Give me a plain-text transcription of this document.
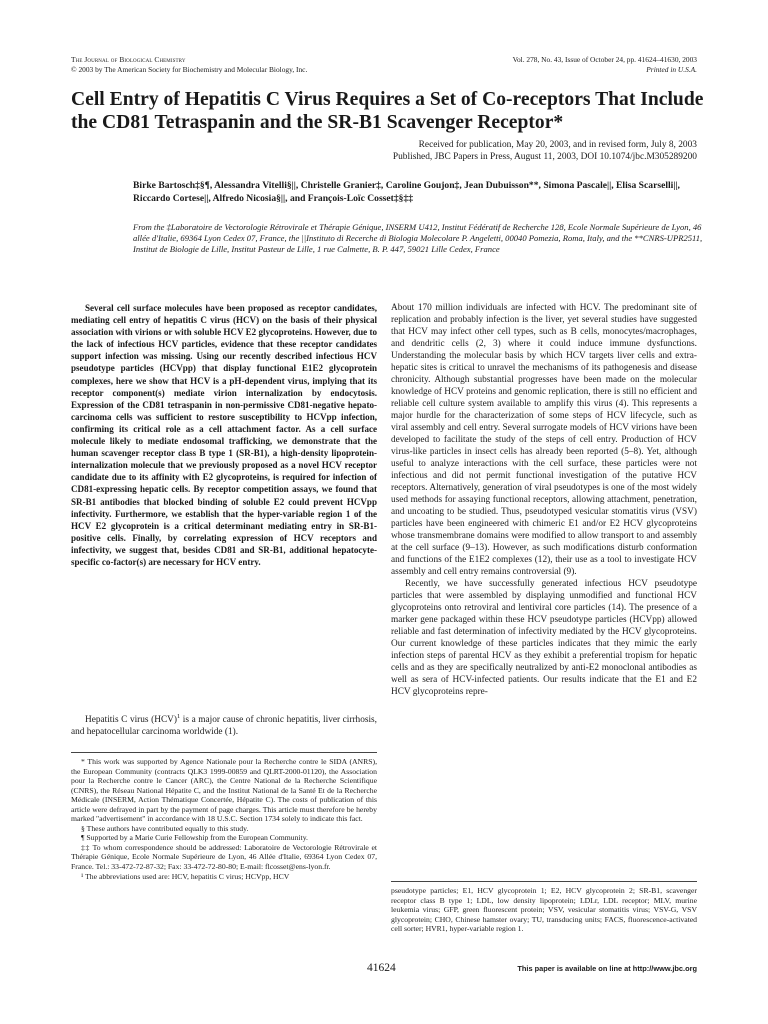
The Journal of Biological Chemistry
© 2003 by The American Society for Biochemistry and Molecular Biology, Inc.
Vol. 278, No. 43, Issue of October 24, pp. 41624–41630, 2003
Printed in U.S.A.
Cell Entry of Hepatitis C Virus Requires a Set of Co-receptors That Include the CD81 Tetraspanin and the SR-B1 Scavenger Receptor*
Received for publication, May 20, 2003, and in revised form, July 8, 2003
Published, JBC Papers in Press, August 11, 2003, DOI 10.1074/jbc.M305289200
Birke Bartosch‡§¶, Alessandra Vitelli§||, Christelle Granier‡, Caroline Goujon‡, Jean Dubuisson**, Simona Pascale||, Elisa Scarselli||, Riccardo Cortese||, Alfredo Nicosia§||, and François-Loïc Cosset‡§‡‡
From the ‡Laboratoire de Vectorologie Rétrovirale et Thérapie Génique, INSERM U412, Institut Fédératif de Recherche 128, Ecole Normale Supérieure de Lyon, 46 allée d'Italie, 69364 Lyon Cedex 07, France, the ||Instituto di Recerche di Biologia Molecolare P. Angeletti, 00040 Pomezia, Roma, Italy, and the **CNRS-UPR2511, Institut de Biologie de Lille, Institut Pasteur de Lille, 1 rue Calmette, B. P. 447, 59021 Lille Cedex, France
Several cell surface molecules have been proposed as receptor candidates, mediating cell entry of hepatitis C virus (HCV) on the basis of their physical association with virions or with soluble HCV E2 glycoproteins. However, due to the lack of infectious HCV particles, evidence that these receptor candidates support infection was missing. Using our recently described infectious HCV pseudotype particles (HCVpp) that display functional E1E2 glycoprotein complexes, here we show that HCV is a pH-dependent virus, implying that its receptor component(s) mediate virion internalization by endocytosis. Expression of the CD81 tetraspanin in non-permissive CD81-negative hepato-carcinoma cells was sufficient to restore susceptibility to HCVpp infection, confirming its critical role as a cell attachment factor. As a cell surface molecule likely to mediate endosomal trafficking, we demonstrate that the human scavenger receptor class B type 1 (SR-B1), a high-density lipoprotein-internalization molecule that we previously proposed as a novel HCV receptor candidate due to its affinity with E2 glycoproteins, is required for infection of CD81-expressing hepatic cells. By receptor competition assays, we found that SR-B1 antibodies that blocked binding of soluble E2 could prevent HCVpp infectivity. Furthermore, we establish that the hyper-variable region 1 of the HCV E2 glycoprotein is a critical determinant mediating entry in SR-B1-positive cells. Finally, by correlating expression of HCV receptors and infectivity, we suggest that, besides CD81 and SR-B1, additional hepatocyte-specific co-factor(s) are necessary for HCV entry.
Hepatitis C virus (HCV)$^1$ is a major cause of chronic hepatitis, liver cirrhosis, and hepatocellular carcinoma worldwide (1).

* This work was supported by Agence Nationale pour la Recherche contre le SIDA (ANRS), the European Community (contracts QLK3 1999-00859 and QLRT-2000-01120), the Association pour la Recherche contre le Cancer (ARC), the Centre National de la Recherche Scientifique (CNRS), the Réseau National Hépatite C, and the Institut National de la Santé Et de la Recherche Médicale (INSERM, Action Thématique Concertée, Hépatite C). The costs of publication of this article were defrayed in part by the payment of page charges. This article must therefore be hereby marked "advertisement" in accordance with 18 U.S.C. Section 1734 solely to indicate this fact.

§ These authors have contributed equally to this study.

¶ Supported by a Marie Curie Fellowship from the European Community.

‡‡ To whom correspondence should be addressed: Laboratoire de Vectorologie Rétrovirale et Thérapie Génique, Ecole Normale Supérieure de Lyon, 46 Allée d'Italie, 69364 Lyon Cedex 07, France. Tel.: 33-472-72-87-32; Fax: 33-472-72-80-80; E-mail: flcosset@ens-lyon.fr.

¹ The abbreviations used are: HCV, hepatitis C virus; HCVpp, HCV

About 170 million individuals are infected with HCV. The predominant site of replication and probably infection is the liver, yet several studies have suggested that HCV may infect other cell types, such as B cells, monocytes/macrophages, and dendritic cells (2, 3) where it could induce immune dysfunctions. Understanding the molecular basis by which HCV targets liver cells and extra-hepatic sites is critical to unravel the mechanisms of its pathogenesis and disease chronicity. Although substantial progresses have been made on the molecular knowledge of HCV proteins and genomic replication, there is still no efficient and reliable cell culture system available to amplify this virus (4). This represents a major hurdle for the characterization of some steps of HCV lifecycle, such as viral assembly and cell entry. Several surrogate models of HCV virions have been developed to facilitate the study of the steps of cell entry. Production of HCV virus-like particles in insect cells has already been reported (5–8). Yet, although useful to analyze interactions with the cell surface, these particles were not infectious and did not permit functional investigation of the putative HCV receptors. Alternatively, generation of viral pseudotypes is one of the most widely used methods for assaying functional receptors, allowing attachment, penetration, and uncoating to be studied. Thus, pseudotyped vesicular stomatitis virus (VSV) particles have been engineered with chimeric E1 and/or E2 HCV glycoproteins whose transmembrane domains were modified to allow transport to and assembly at the cell surface (9–13). However, as such modifications disturb conformation and functions of the E1E2 complexes (12), their use as a tool to investigate HCV assembly and cell entry remains controversial (9).

Recently, we have successfully generated infectious HCV pseudotype particles that were assembled by displaying unmodified and functional HCV glycoproteins onto retroviral and lentiviral core particles (14). The presence of a marker gene packaged within these HCV pseudotype particles (HCVpp) allowed reliable and fast determination of infectivity mediated by the HCV glycoproteins. Our current knowledge of these particles indicates that they mimic the early infection steps of parental HCV as they exhibit a preferential tropism for hepatic cells and as they are specifically neutralized by anti-E2 monoclonal antibodies as well as sera of HCV-infected patients. Our results indicate that the E1 and E2 HCV glycoproteins repre-

pseudotype particles; E1, HCV glycoprotein 1; E2, HCV glycoprotein 2; SR-B1, scavenger receptor class B type 1; LDL, low density lipoprotein; LDLr, LDL receptor; MLV, murine leukemia virus; GFP, green fluorescent protein; VSV, vesicular stomatitis virus; VSV-G, VSV glycoprotein; CHO, Chinese hamster ovary; TU, transducing units; FACS, fluorescence-activated cell sorter; HVR1, hyper-variable region 1.
41624	This paper is available on line at http://www.jbc.org
